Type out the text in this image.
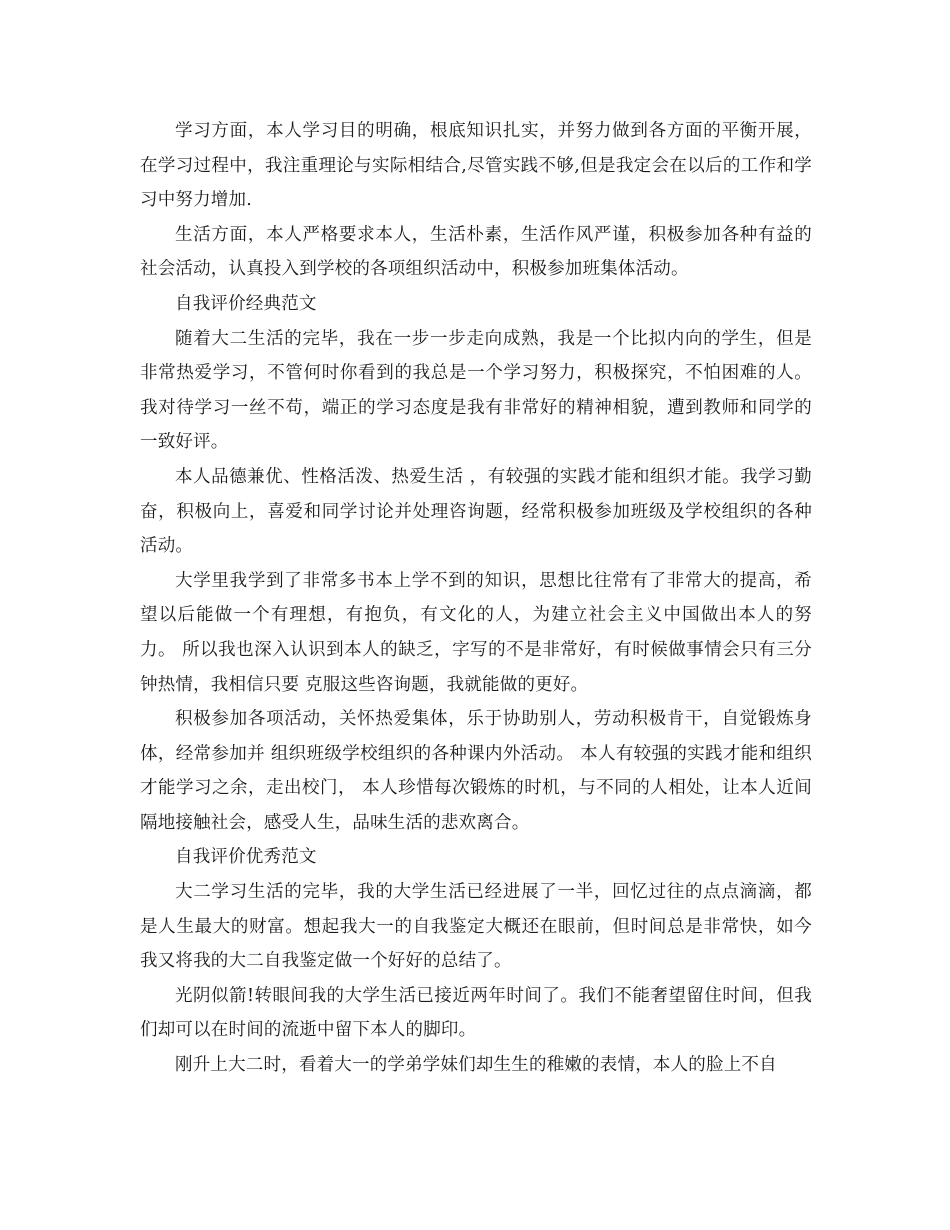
学习方面，本人学习目的明确，根底知识扎实，并努力做到各方面的平衡开展，在学习过程中，我注重理论与实际相结合,尽管实践不够,但是我定会在以后的工作和学习中努力增加.

生活方面，本人严格要求本人，生活朴素，生活作风严谨，积极参加各种有益的社会活动，认真投入到学校的各项组织活动中，积极参加班集体活动。

自我评价经典范文

随着大二生活的完毕，我在一步一步走向成熟，我是一个比拟内向的学生，但是非常热爱学习，不管何时你看到的我总是一个学习努力，积极探究，不怕困难的人。我对待学习一丝不苟，端正的学习态度是我有非常好的精神相貌，遭到教师和同学的一致好评。

本人品德兼优、性格活泼、热爱生活 ，有较强的实践才能和组织才能。我学习勤奋，积极向上，喜爱和同学讨论并处理咨询题，经常积极参加班级及学校组织的各种活动。

大学里我学到了非常多书本上学不到的知识，思想比往常有了非常大的提高，希望以后能做一个有理想，有抱负，有文化的人，为建立社会主义中国做出本人的努力。 所以我也深入认识到本人的缺乏，字写的不是非常好，有时候做事情会只有三分钟热情，我相信只要 克服这些咨询题，我就能做的更好。

积极参加各项活动，关怀热爱集体，乐于协助别人，劳动积极肯干，自觉锻炼身体，经常参加并 组织班级学校组织的各种课内外活动。 本人有较强的实践才能和组织才能学习之余，走出校门， 本人珍惜每次锻炼的时机，与不同的人相处，让本人近间隔地接触社会，感受人生，品味生活的悲欢离合。

自我评价优秀范文

大二学习生活的完毕，我的大学生活已经进展了一半，回忆过往的点点滴滴，都是人生最大的财富。想起我大一的自我鉴定大概还在眼前，但时间总是非常快，如今我又将我的大二自我鉴定做一个好好的总结了。

光阴似箭!转眼间我的大学生活已接近两年时间了。我们不能奢望留住时间，但我们却可以在时间的流逝中留下本人的脚印。

刚升上大二时，看着大一的学弟学妹们却生生的稚嫩的表情，本人的脸上不自
